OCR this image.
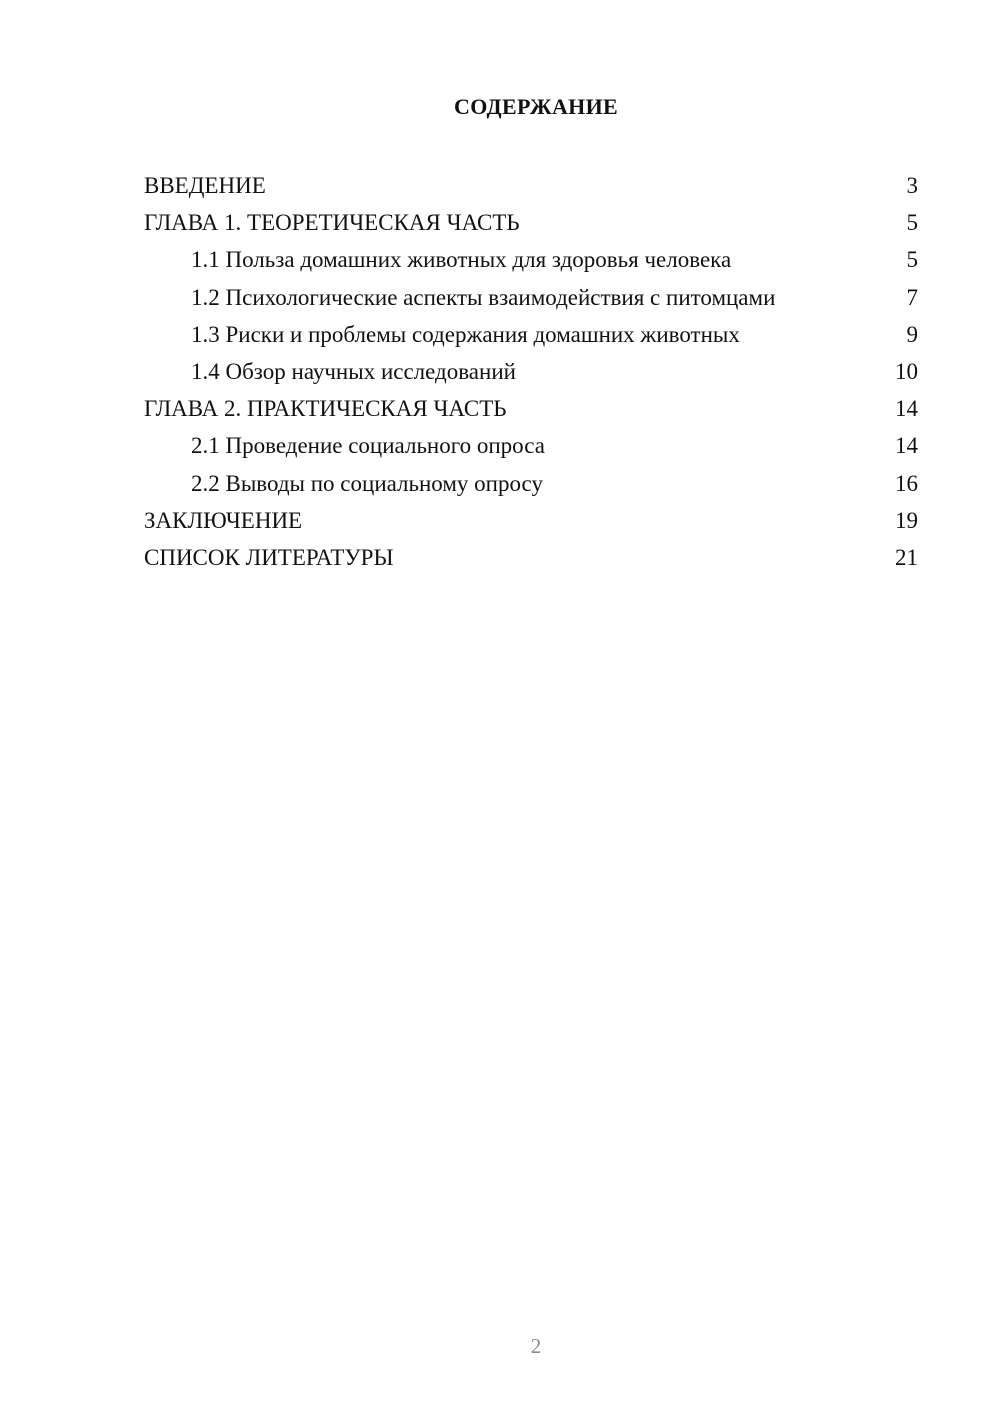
СОДЕРЖАНИЕ
ВВЕДЕНИЕ	3
ГЛАВА 1. ТЕОРЕТИЧЕСКАЯ ЧАСТЬ	5
1.1 Польза домашних животных для здоровья человека	5
1.2 Психологические аспекты взаимодействия с питомцами	7
1.3 Риски и проблемы содержания домашних животных	9
1.4 Обзор научных исследований	10
ГЛАВА 2. ПРАКТИЧЕСКАЯ ЧАСТЬ	14
2.1 Проведение социального опроса	14
2.2 Выводы по социальному опросу	16
ЗАКЛЮЧЕНИЕ	19
СПИСОК ЛИТЕРАТУРЫ	21
2
